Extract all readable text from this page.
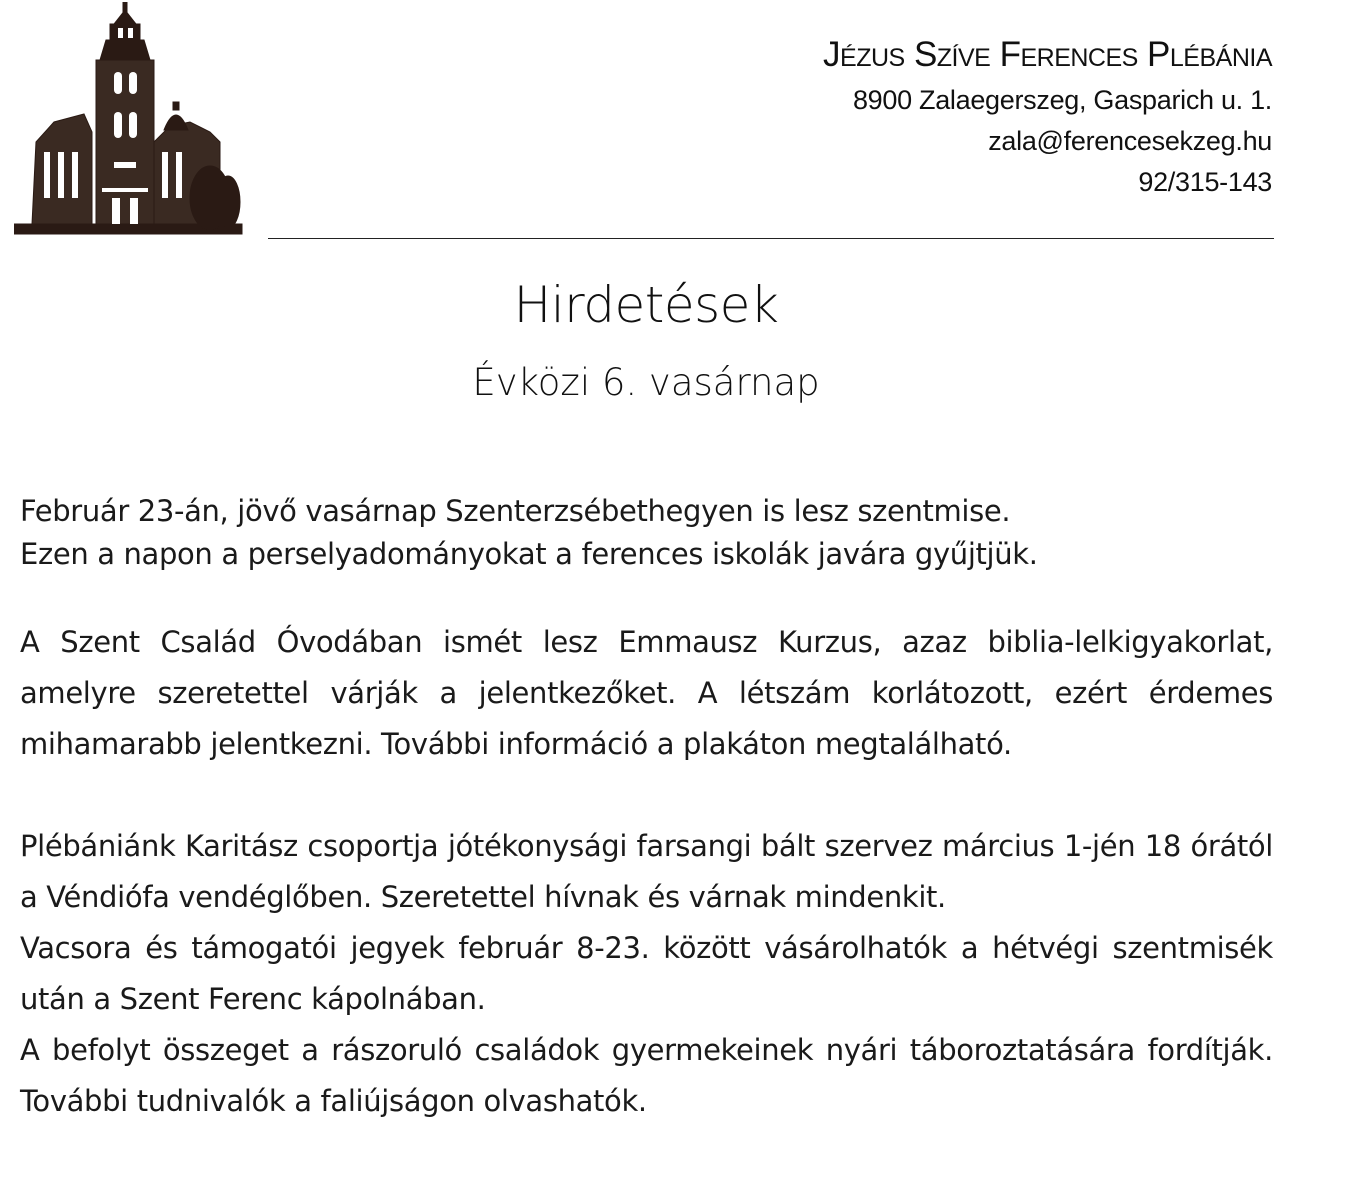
Jézus Szíve Ferences Plébánia
8900 Zalaegerszeg, Gasparich u. 1.
zala@ferencesekzeg.hu
92/315-143
Hirdetések
Évközi 6. vasárnap
Február 23-án, jövő vasárnap Szenterzsébethegyen is lesz szentmise.
Ezen a napon a perselyadományokat a ferences iskolák javára gyűjtjük.
A Szent Család Óvodában ismét lesz Emmausz Kurzus, azaz biblia-lelkigyakorlat, amelyre szeretettel várják a jelentkezőket. A létszám korlátozott, ezért érdemes mihamarabb jelentkezni. További információ a plakáton megtalálható.
Plébániánk Karitász csoportja jótékonysági farsangi bált szervez március 1-jén 18 órától a Véndiófa vendéglőben. Szeretettel hívnak és várnak mindenkit.
Vacsora és támogatói jegyek február 8-23. között vásárolhatók a hétvégi szentmisék után a Szent Ferenc kápolnában.
A befolyt összeget a rászoruló családok gyermekeinek nyári táboroztatására fordítják. További tudnivalók a faliújságon olvashatók.
